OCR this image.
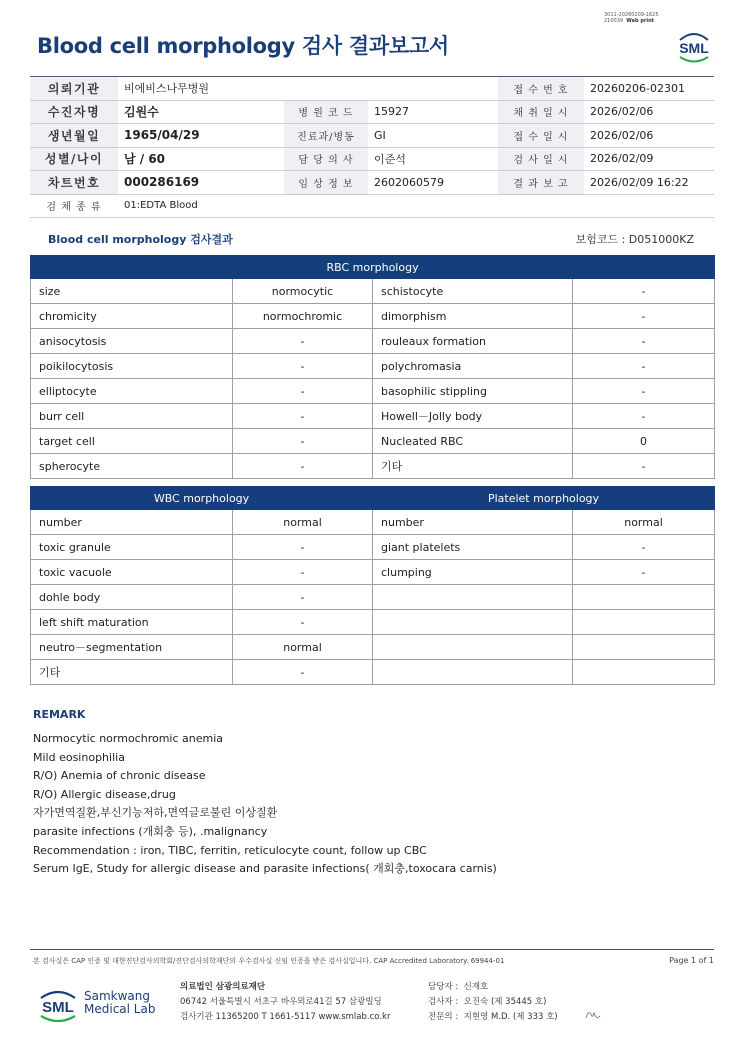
3011-20260209-1625
210039 Web print
Blood cell morphology 검사 결과보고서	SML
의뢰기관	비에비스나무병원			접 수 번 호	20260206-02301
수진자명	김원수	병 원 코 드	15927	채 취 일 시	2026/02/06
생년월일	1965/04/29	진료과/병동	GI	접 수 일 시	2026/02/06
성별/나이	남 / 60	담 당 의 사	이준석	검 사 일 시	2026/02/09
차트번호	000286169	임 상 정 보	2602060579	결 과 보 고	2026/02/09 16:22
검 체 종 류	01:EDTA Blood				
Blood cell morphology 검사결과	보험코드 : D051000KZ
RBC morphology			
size	normocytic	schistocyte	-
chromicity	normochromic	dimorphism	-
anisocytosis	-	rouleaux formation	-
poikilocytosis	-	polychromasia	-
elliptocyte	-	basophilic stippling	-
burr cell	-	Howell－Jolly body	-
target cell	-	Nucleated RBC	0
spherocyte	-	기타	-
WBC morphology		Platelet morphology	
number	normal	number	normal
toxic granule	-	giant platelets	-
toxic vacuole	-	clumping	-
dohle body	-		
left shift maturation	-		
neutro－segmentation	normal		
기타	-		
REMARK
Normocytic normochromic anemia
Mild eosinophilia
R/O) Anemia of chronic disease
R/O) Allergic disease,drug
자가면역질환,부신기능저하,면역글로불린 이상질환
parasite infections (개회충 등), .malignancy
Recommendation : iron, TIBC, ferritin, reticulocyte count, follow up CBC
Serum IgE, Study for allergic disease and parasite infections( 개회충,toxocara carnis)
본 검사실은 CAP 인증 및 대한진단검사의학회/진단검사의학재단의 우수검사실 신임 인증을 받은 검사실입니다. CAP Accredited Laboratory. 69944-01	Page 1 of 1
SML
Samkwang
Medical Lab
의료법인 삼광의료재단
06742 서울특별시 서초구 바우뫼로41길 57 삼광빌딩
검사기관 11365200 T 1661-5117 www.smlab.co.kr
담당자 : 신재호
검사자 : 오진숙 (제 35445 호)
전문의 : 지현영 M.D. (제 333 호)
